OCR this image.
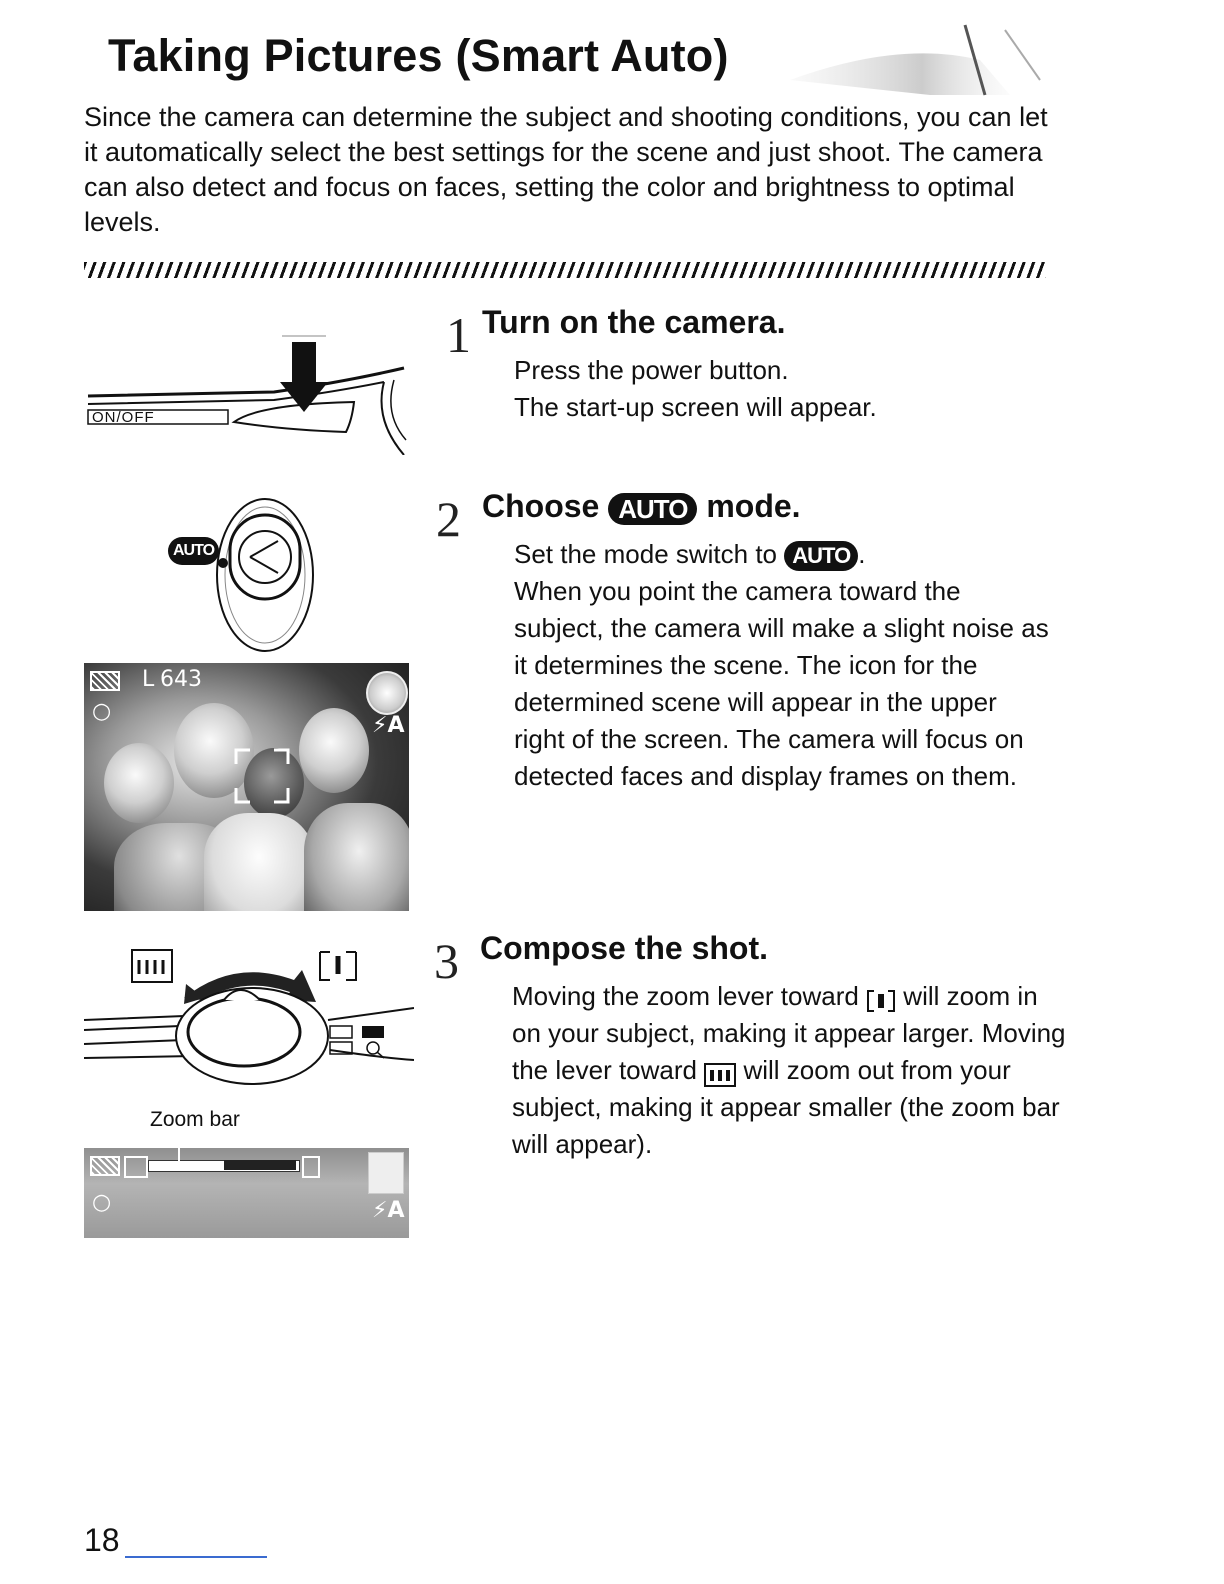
Taking Pictures (Smart Auto)
Since the camera can determine the subject and shooting conditions, you can let it automatically select the best settings for the scene and just shoot. The camera can also detect and focus on faces, setting the color and brightness to optimal levels.
ON/OFF
1 Turn on the camera.

Press the power button.

The start-up screen will appear.

AUTO
L 643
○
⚡A
2 Choose AUTO mode.

Set the mode switch to AUTO .

When you point the camera toward the subject, the camera will make a slight noise as it determines the scene. The icon for the determined scene will appear in the upper right of the screen. The camera will focus on detected faces and display frames on them.

Zoom bar
○	⚡A
3 Compose the shot.
Moving the zoom lever toward will zoom in on your subject, making it appear larger. Moving the lever toward will zoom out from your subject, making it appear smaller (the zoom bar will appear).
18
